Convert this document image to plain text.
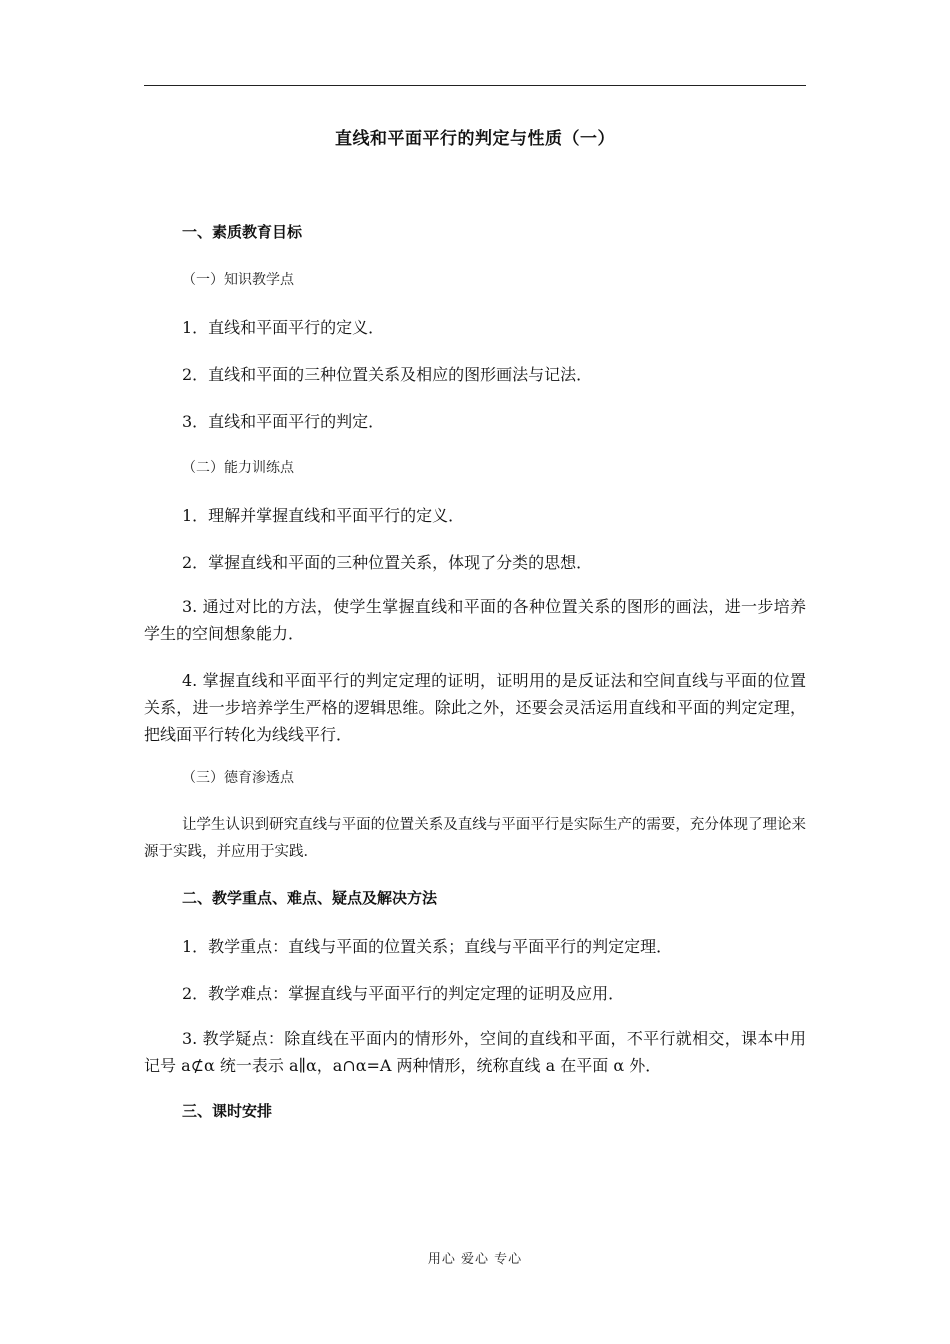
直线和平面平行的判定与性质（一）
一、素质教育目标
（一）知识教学点
1．直线和平面平行的定义．
2．直线和平面的三种位置关系及相应的图形画法与记法．
3．直线和平面平行的判定．
（二）能力训练点
1．理解并掌握直线和平面平行的定义．
2．掌握直线和平面的三种位置关系，体现了分类的思想．
3. 通过对比的方法，使学生掌握直线和平面的各种位置关系的图形的画法，进一步培养学生的空间想象能力．
4. 掌握直线和平面平行的判定定理的证明，证明用的是反证法和空间直线与平面的位置关系，进一步培养学生严格的逻辑思维。除此之外，还要会灵活运用直线和平面的判定定理，把线面平行转化为线线平行．
（三）德育渗透点
让学生认识到研究直线与平面的位置关系及直线与平面平行是实际生产的需要，充分体现了理论来源于实践，并应用于实践．
二、教学重点、难点、疑点及解决方法
1．教学重点：直线与平面的位置关系；直线与平面平行的判定定理．
2．教学难点：掌握直线与平面平行的判定定理的证明及应用．
3. 教学疑点：除直线在平面内的情形外，空间的直线和平面，不平行就相交，课本中用记号 a⊄α 统一表示 a∥α，a∩α=A 两种情形，统称直线 a 在平面 α 外．
三、课时安排
用心 爱心 专心
